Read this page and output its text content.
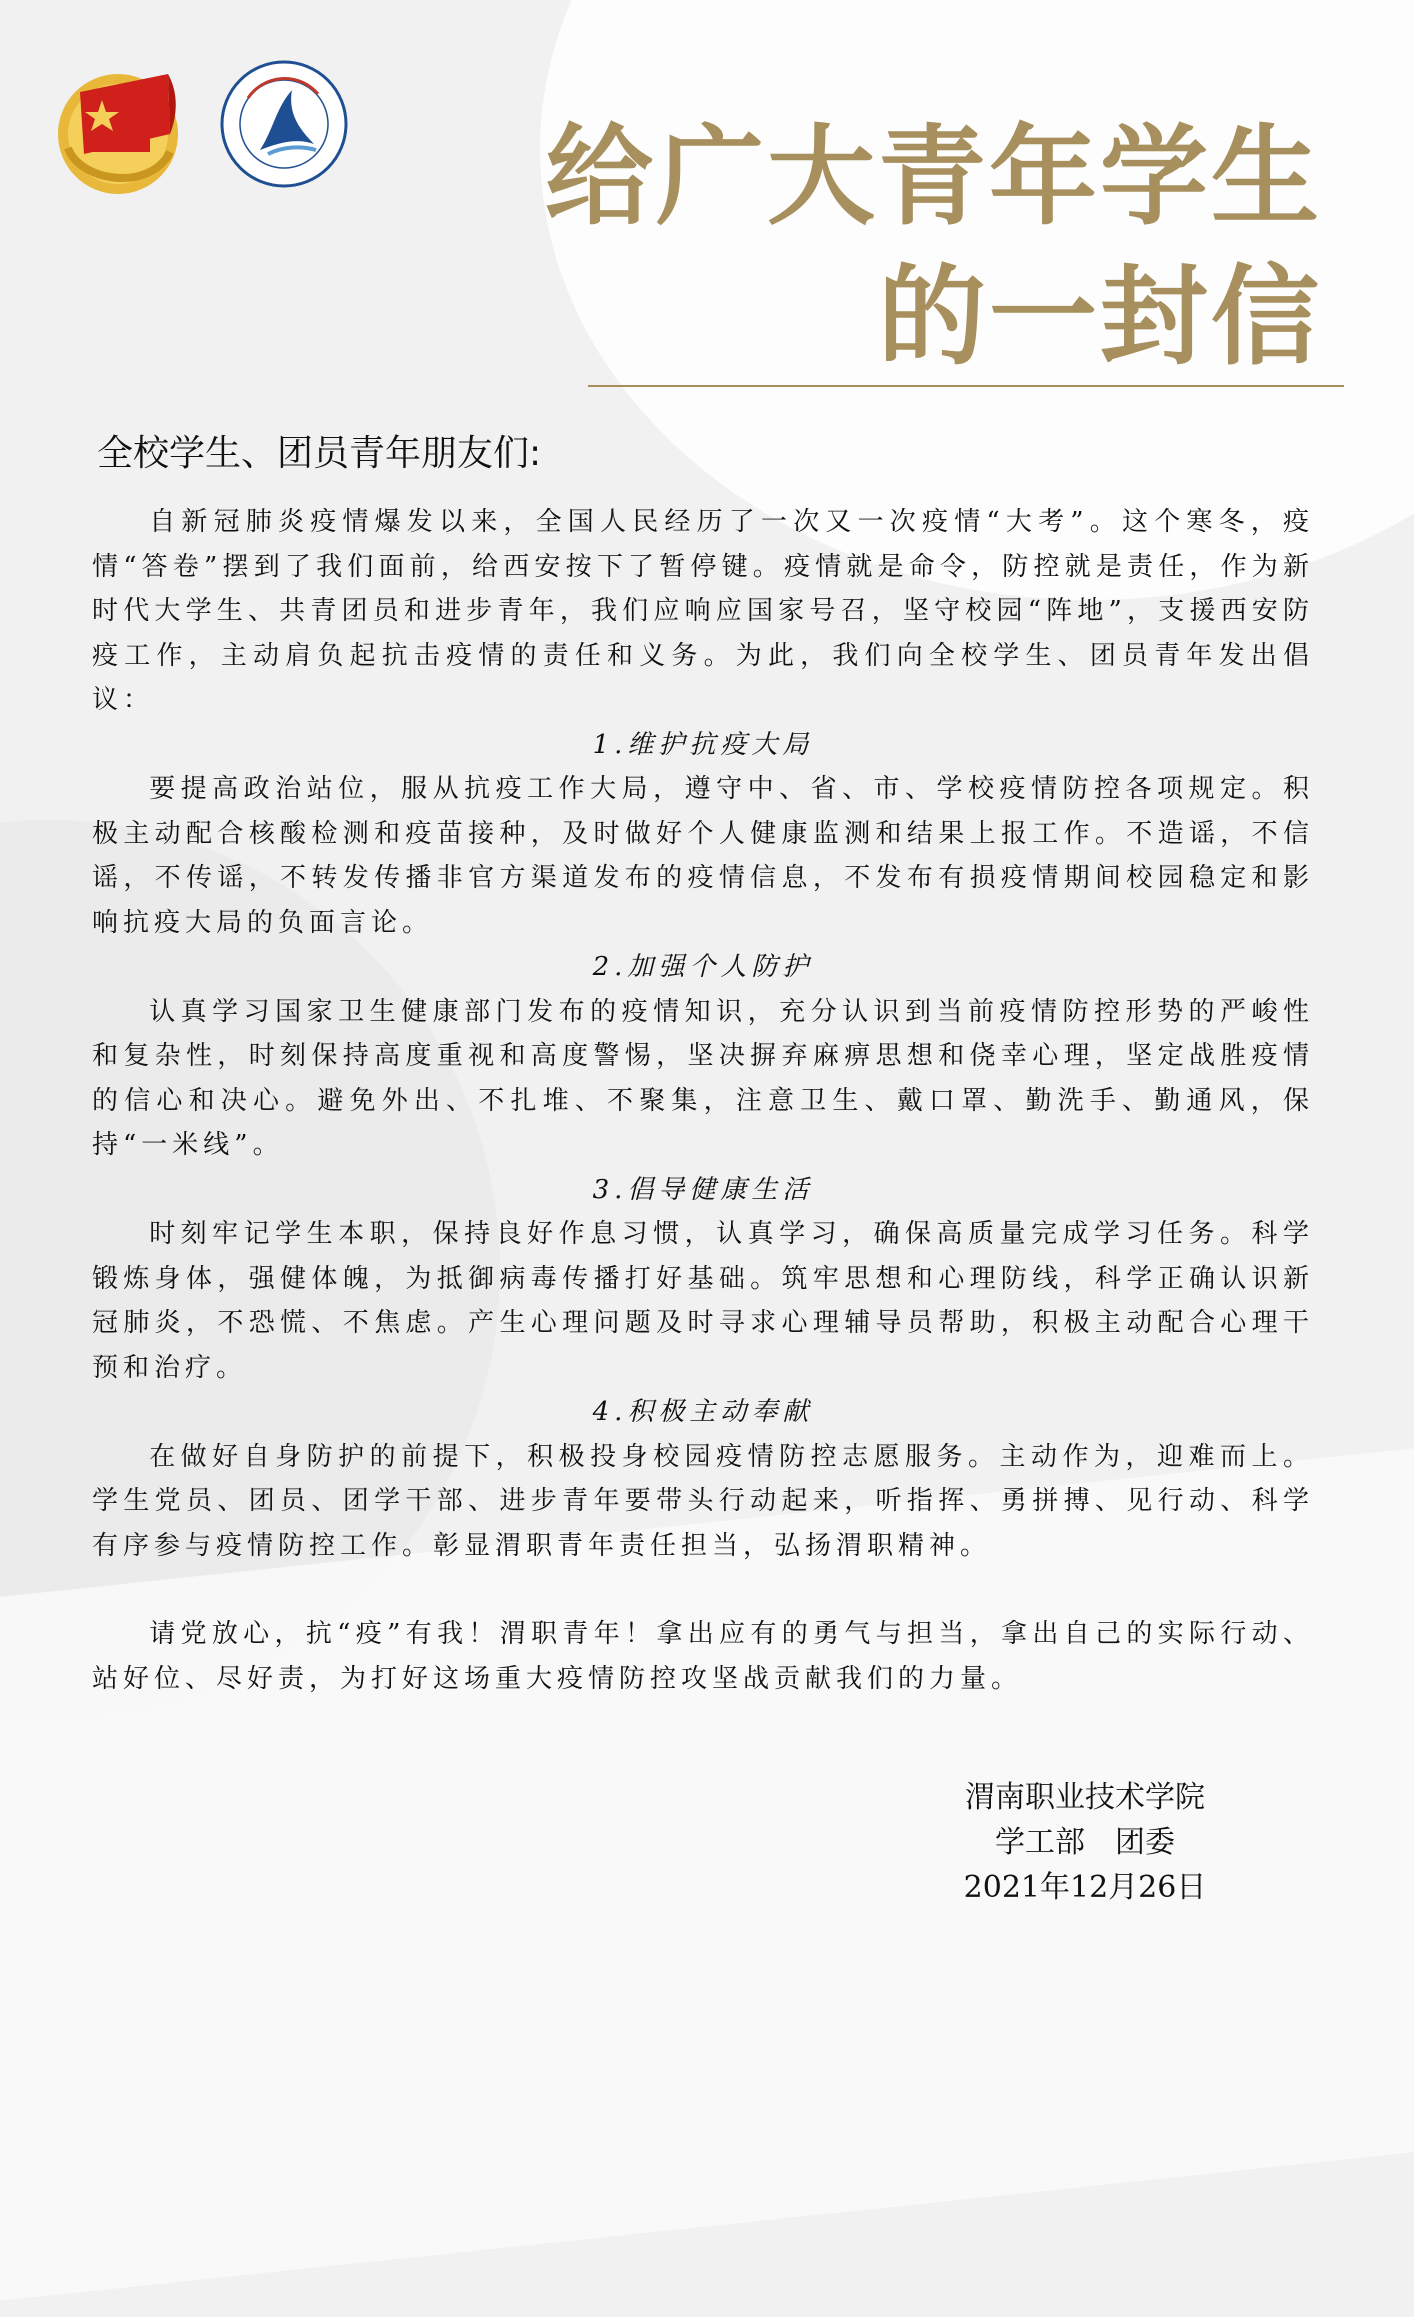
给广大青年学生
的一封信
全校学生、团员青年朋友们:

自新冠肺炎疫情爆发以来，全国人民经历了一次又一次疫情“大考”。这个寒冬，疫情“答卷”摆到了我们面前，给西安按下了暂停键。疫情就是命令，防控就是责任，作为新时代大学生、共青团员和进步青年，我们应响应国家号召，坚守校园“阵地”，支援西安防疫工作，主动肩负起抗击疫情的责任和义务。为此，我们向全校学生、团员青年发出倡议：

1.维护抗疫大局

要提高政治站位，服从抗疫工作大局，遵守中、省、市、学校疫情防控各项规定。积极主动配合核酸检测和疫苗接种，及时做好个人健康监测和结果上报工作。不造谣，不信谣，不传谣，不转发传播非官方渠道发布的疫情信息，不发布有损疫情期间校园稳定和影响抗疫大局的负面言论。

2.加强个人防护

认真学习国家卫生健康部门发布的疫情知识，充分认识到当前疫情防控形势的严峻性和复杂性，时刻保持高度重视和高度警惕，坚决摒弃麻痹思想和侥幸心理，坚定战胜疫情的信心和决心。避免外出、不扎堆、不聚集，注意卫生、戴口罩、勤洗手、勤通风，保持“一米线”。

3.倡导健康生活

时刻牢记学生本职，保持良好作息习惯，认真学习，确保高质量完成学习任务。科学锻炼身体，强健体魄，为抵御病毒传播打好基础。筑牢思想和心理防线，科学正确认识新冠肺炎，不恐慌、不焦虑。产生心理问题及时寻求心理辅导员帮助，积极主动配合心理干预和治疗。

4.积极主动奉献

在做好自身防护的前提下，积极投身校园疫情防控志愿服务。主动作为，迎难而上。学生党员、团员、团学干部、进步青年要带头行动起来，听指挥、勇拼搏、见行动、科学有序参与疫情防控工作。彰显渭职青年责任担当，弘扬渭职精神。

请党放心，抗“疫”有我！渭职青年！拿出应有的勇气与担当，拿出自己的实际行动、站好位、尽好责，为打好这场重大疫情防控攻坚战贡献我们的力量。

渭南职业技术学院
学工部　团委
2021年12月26日
